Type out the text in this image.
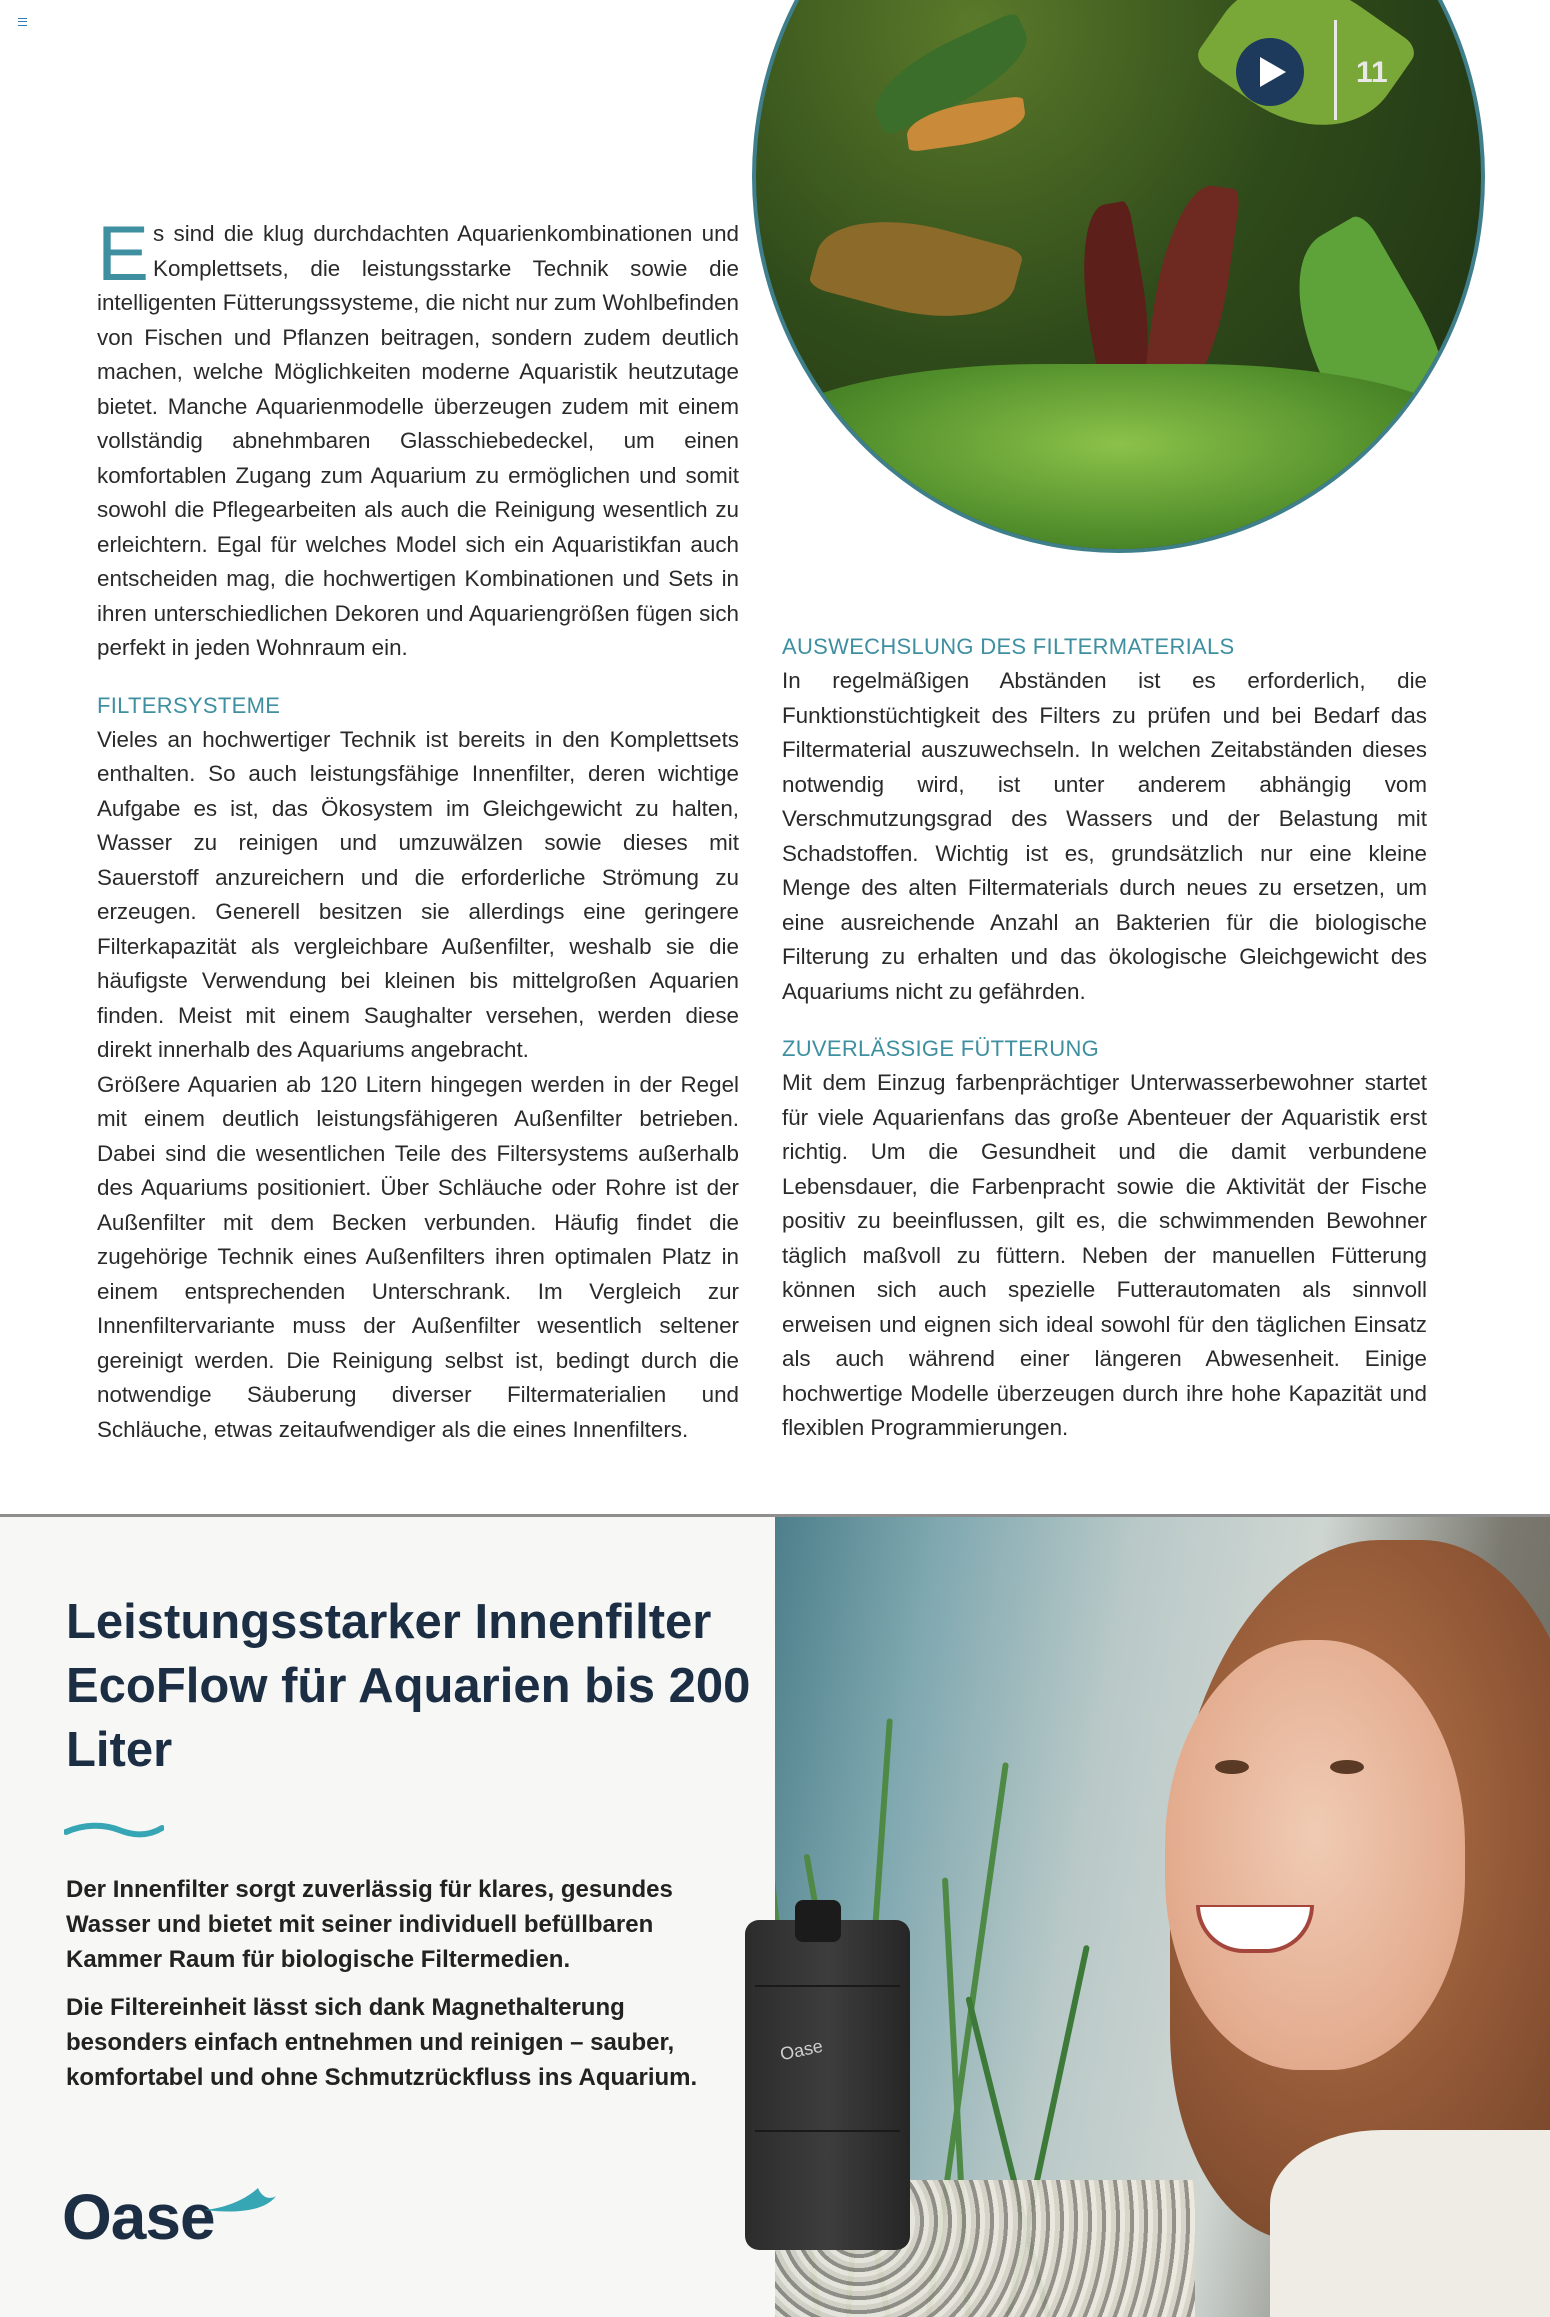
11

Es sind die klug durchdachten Aquarienkombinationen und Komplettsets, die leistungsstarke Technik sowie die intelligenten Fütterungssysteme, die nicht nur zum Wohlbefinden von Fischen und Pflanzen beitragen, sondern zudem deutlich machen, welche Möglichkeiten moderne Aquaristik heutzutage bietet. Manche Aquarienmodelle überzeugen zudem mit einem vollständig abnehmbaren Glasschiebedeckel, um einen komfortablen Zugang zum Aquarium zu ermöglichen und somit sowohl die Pflegearbeiten als auch die Reinigung wesentlich zu erleichtern. Egal für welches Model sich ein Aquaristikfan auch entscheiden mag, die hochwertigen Kombinationen und Sets in ihren unterschiedlichen Dekoren und Aquariengrößen fügen sich perfekt in jeden Wohnraum ein.

FILTERSYSTEME

Vieles an hochwertiger Technik ist bereits in den Komplettsets enthalten. So auch leistungsfähige Innenfilter, deren wichtige Aufgabe es ist, das Ökosystem im Gleichgewicht zu halten, Wasser zu reinigen und umzuwälzen sowie dieses mit Sauerstoff anzureichern und die erforderliche Strömung zu erzeugen. Generell besitzen sie allerdings eine geringere Filterkapazität als vergleichbare Außenfilter, weshalb sie die häufigste Verwendung bei kleinen bis mittelgroßen Aquarien finden. Meist mit einem Saughalter versehen, werden diese direkt innerhalb des Aquariums angebracht.

Größere Aquarien ab 120 Litern hingegen werden in der Regel mit einem deutlich leistungsfähigeren Außenfilter betrieben. Dabei sind die wesentlichen Teile des Filtersystems außerhalb des Aquariums positioniert. Über Schläuche oder Rohre ist der Außenfilter mit dem Becken verbunden. Häufig findet die zugehörige Technik eines Außenfilters ihren optimalen Platz in einem entsprechenden Unterschrank. Im Vergleich zur Innenfiltervariante muss der Außenfilter wesentlich seltener gereinigt werden. Die Reinigung selbst ist, bedingt durch die notwendige Säuberung diverser Filtermaterialien und Schläuche, etwas zeitaufwendiger als die eines Innenfilters.

AUSWECHSLUNG DES FILTERMATERIALS

In regelmäßigen Abständen ist es erforderlich, die Funktionstüchtigkeit des Filters zu prüfen und bei Bedarf das Filtermaterial auszuwechseln. In welchen Zeitabständen dieses notwendig wird, ist unter anderem abhängig vom Verschmutzungsgrad des Wassers und der Belastung mit Schadstoffen. Wichtig ist es, grundsätzlich nur eine kleine Menge des alten Filtermaterials durch neues zu ersetzen, um eine ausreichende Anzahl an Bakterien für die biologische Filterung zu erhalten und das ökologische Gleichgewicht des Aquariums nicht zu gefährden.

ZUVERLÄSSIGE FÜTTERUNG

Mit dem Einzug farbenprächtiger Unterwasserbewohner startet für viele Aquarienfans das große Abenteuer der Aquaristik erst richtig. Um die Gesundheit und die damit verbundene Lebensdauer, die Farbenpracht sowie die Aktivität der Fische positiv zu beeinflussen, gilt es, die schwimmenden Bewohner täglich maßvoll zu füttern. Neben der manuellen Fütterung können sich auch spezielle Futterautomaten als sinnvoll erweisen und eignen sich ideal sowohl für den täglichen Einsatz als auch während einer längeren Abwesenheit. Einige hochwertige Modelle überzeugen durch ihre hohe Kapazität und flexiblen Programmierungen.

Oase
Leistungsstarker Innenfilter EcoFlow für Aquarien bis 200 Liter

Der Innenfilter sorgt zuverlässig für klares, gesundes Wasser und bietet mit seiner individuell befüllbaren Kammer Raum für biologische Filtermedien.

Die Filtereinheit lässt sich dank Magnethalterung besonders einfach entnehmen und reinigen – sauber, komfortabel und ohne Schmutzrückfluss ins Aquarium.

Oase
